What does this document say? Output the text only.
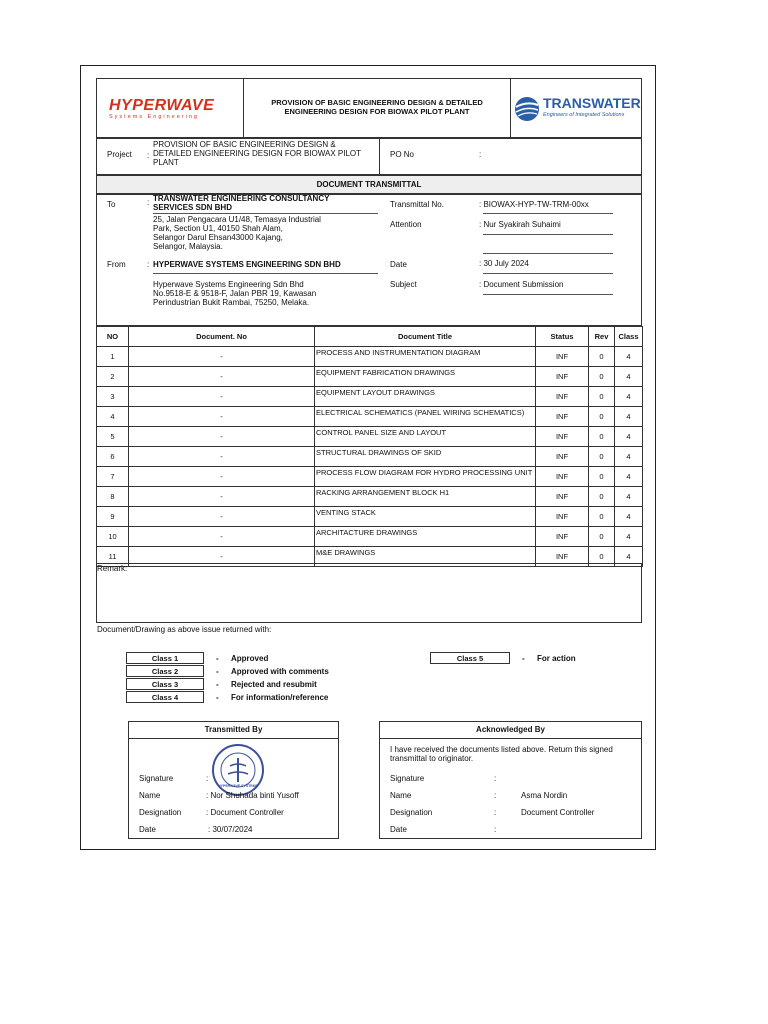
HYPERWAVE
Systems Engineering
PROVISION OF BASIC ENGINEERING DESIGN & DETAILED
ENGINEERING DESIGN FOR BIOWAX PILOT PLANT
TRANSWATER
Engineers of Integrated Solutions
Project :
PROVISION OF BASIC ENGINEERING DESIGN &
DETAILED ENGINEERING DESIGN FOR BIOWAX PILOT
PLANT
PO No	:
DOCUMENT TRANSMITTAL
To	: TRANSWATER ENGINEERING CONSULTANCY
SERVICES SDN BHD
25, Jalan Pengacara U1/48, Temasya Industrial
Park, Section U1, 40150 Shah Alam,
Selangor Darul Ehsan43000 Kajang,
Selangor, Malaysia.
From	: HYPERWAVE SYSTEMS ENGINEERING SDN BHD
Hyperwave Systems Engineering Sdn Bhd
No.9518-E & 9518-F, Jalan PBR 19, Kawasan
Perindustrian Bukit Rambai, 75250, Melaka.
Transmittal No.	: BIOWAX-HYP-TW-TRM-00xx
Attention	: Nur Syakirah Suhaimi
Date	: 30 July 2024
Subject	: Document Submission
NO	Document. No	Document Title	Status	Rev	Class
1	-	PROCESS AND INSTRUMENTATION DIAGRAM	INF	0	4
2	-	EQUIPMENT FABRICATION DRAWINGS	INF	0	4
3	-	EQUIPMENT LAYOUT DRAWINGS	INF	0	4
4	-	ELECTRICAL SCHEMATICS (PANEL WIRING SCHEMATICS)	INF	0	4
5	-	CONTROL PANEL SIZE AND LAYOUT	INF	0	4
6	-	STRUCTURAL DRAWINGS OF SKID	INF	0	4
7	-	PROCESS FLOW DIAGRAM FOR HYDRO PROCESSING UNIT	INF	0	4
8	-	RACKING ARRANGEMENT BLOCK H1	INF	0	4
9	-	VENTING STACK	INF	0	4
10	-	ARCHITACTURE DRAWINGS	INF	0	4
11	-	M&E DRAWINGS	INF	0	4
Remark:
Document/Drawing as above issue returned with:
Class 1	- Approved
Class 2	- Approved with comments
Class 3	- Rejected and resubmit
Class 4	- For information/reference
Class 5	- For action
Transmitted By
HYPERWAVE SYSTEMS
Signature	:
Name	: Nor Shuhada binti Yusoff
Designation	: Document Controller
Date	: 30/07/2024
Acknowledged By
I have received the documents listed above. Return this signed
transmittal to originator.
Signature	:
Name	:	Asma Nordin
Designation	:	Document Controller
Date	:
